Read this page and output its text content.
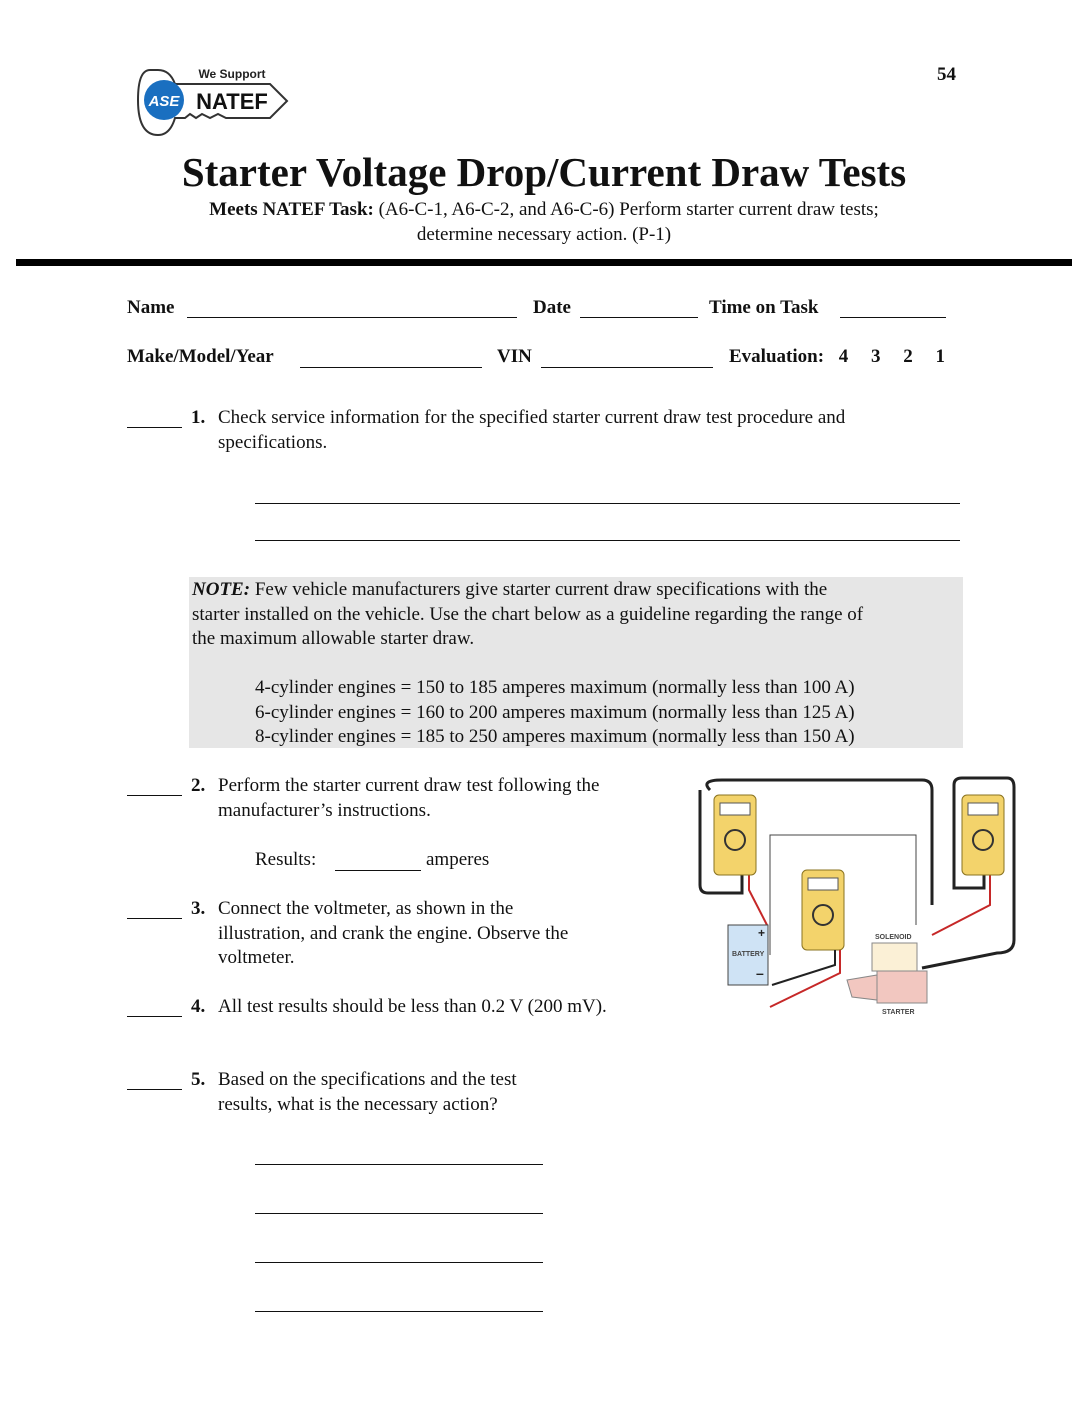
54
ASE
We Support
NATEF
Starter Voltage Drop/Current Draw Tests
Meets NATEF Task: (A6-C-1, A6-C-2, and A6-C-6) Perform starter current draw tests;
determine necessary action. (P-1)
Name	Date	Time on Task
Make/Model/Year	VIN	Evaluation: 4 3 2 1
1. Check service information for the specified starter current draw test procedure and
specifications.
NOTE: Few vehicle manufacturers give starter current draw specifications with the
starter installed on the vehicle. Use the chart below as a guideline regarding the range of
the maximum allowable starter draw.
4-cylinder engines = 150 to 185 amperes maximum (normally less than 100 A)
6-cylinder engines = 160 to 200 amperes maximum (normally less than 125 A)
8-cylinder engines = 185 to 250 amperes maximum (normally less than 150 A)
2. Perform the starter current draw test following the
manufacturer’s instructions.
Results:	amperes
3. Connect the voltmeter, as shown in the
illustration, and crank the engine. Observe the
voltmeter.
4. All test results should be less than 0.2 V (200 mV).
5. Based on the specifications and the test
results, what is the necessary action?
BATTERY
+
–
SOLENOID
STARTER
